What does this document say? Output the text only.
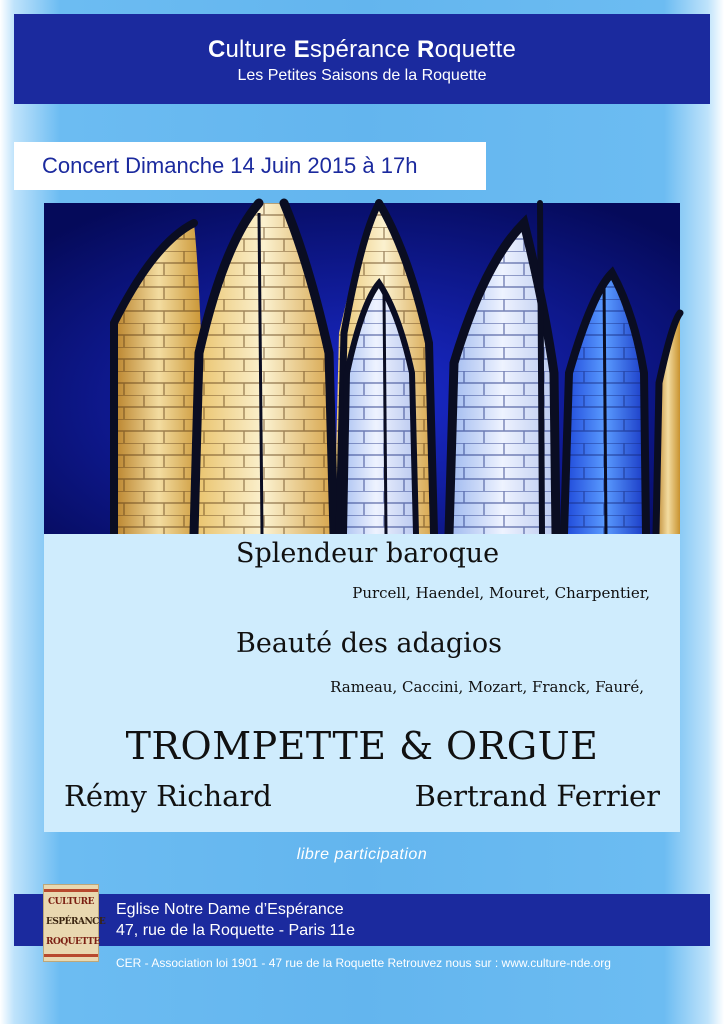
Culture Espérance Roquette
Les Petites Saisons de la Roquette
Concert Dimanche 14 Juin 2015 à 17h
Splendeur baroque
Purcell, Haendel, Mouret, Charpentier,
Beauté des adagios
Rameau, Caccini, Mozart, Franck, Fauré,
TROMPETTE & ORGUE
Rémy Richard	Bertrand Ferrier
libre participation
Eglise Notre Dame d’Espérance
47, rue de la Roquette - Paris 11e
CULTURE
ESPÉRANCE
ROQUETTE
CER - Association loi 1901 - 47 rue de la Roquette Retrouvez nous sur : www.culture-nde.org
